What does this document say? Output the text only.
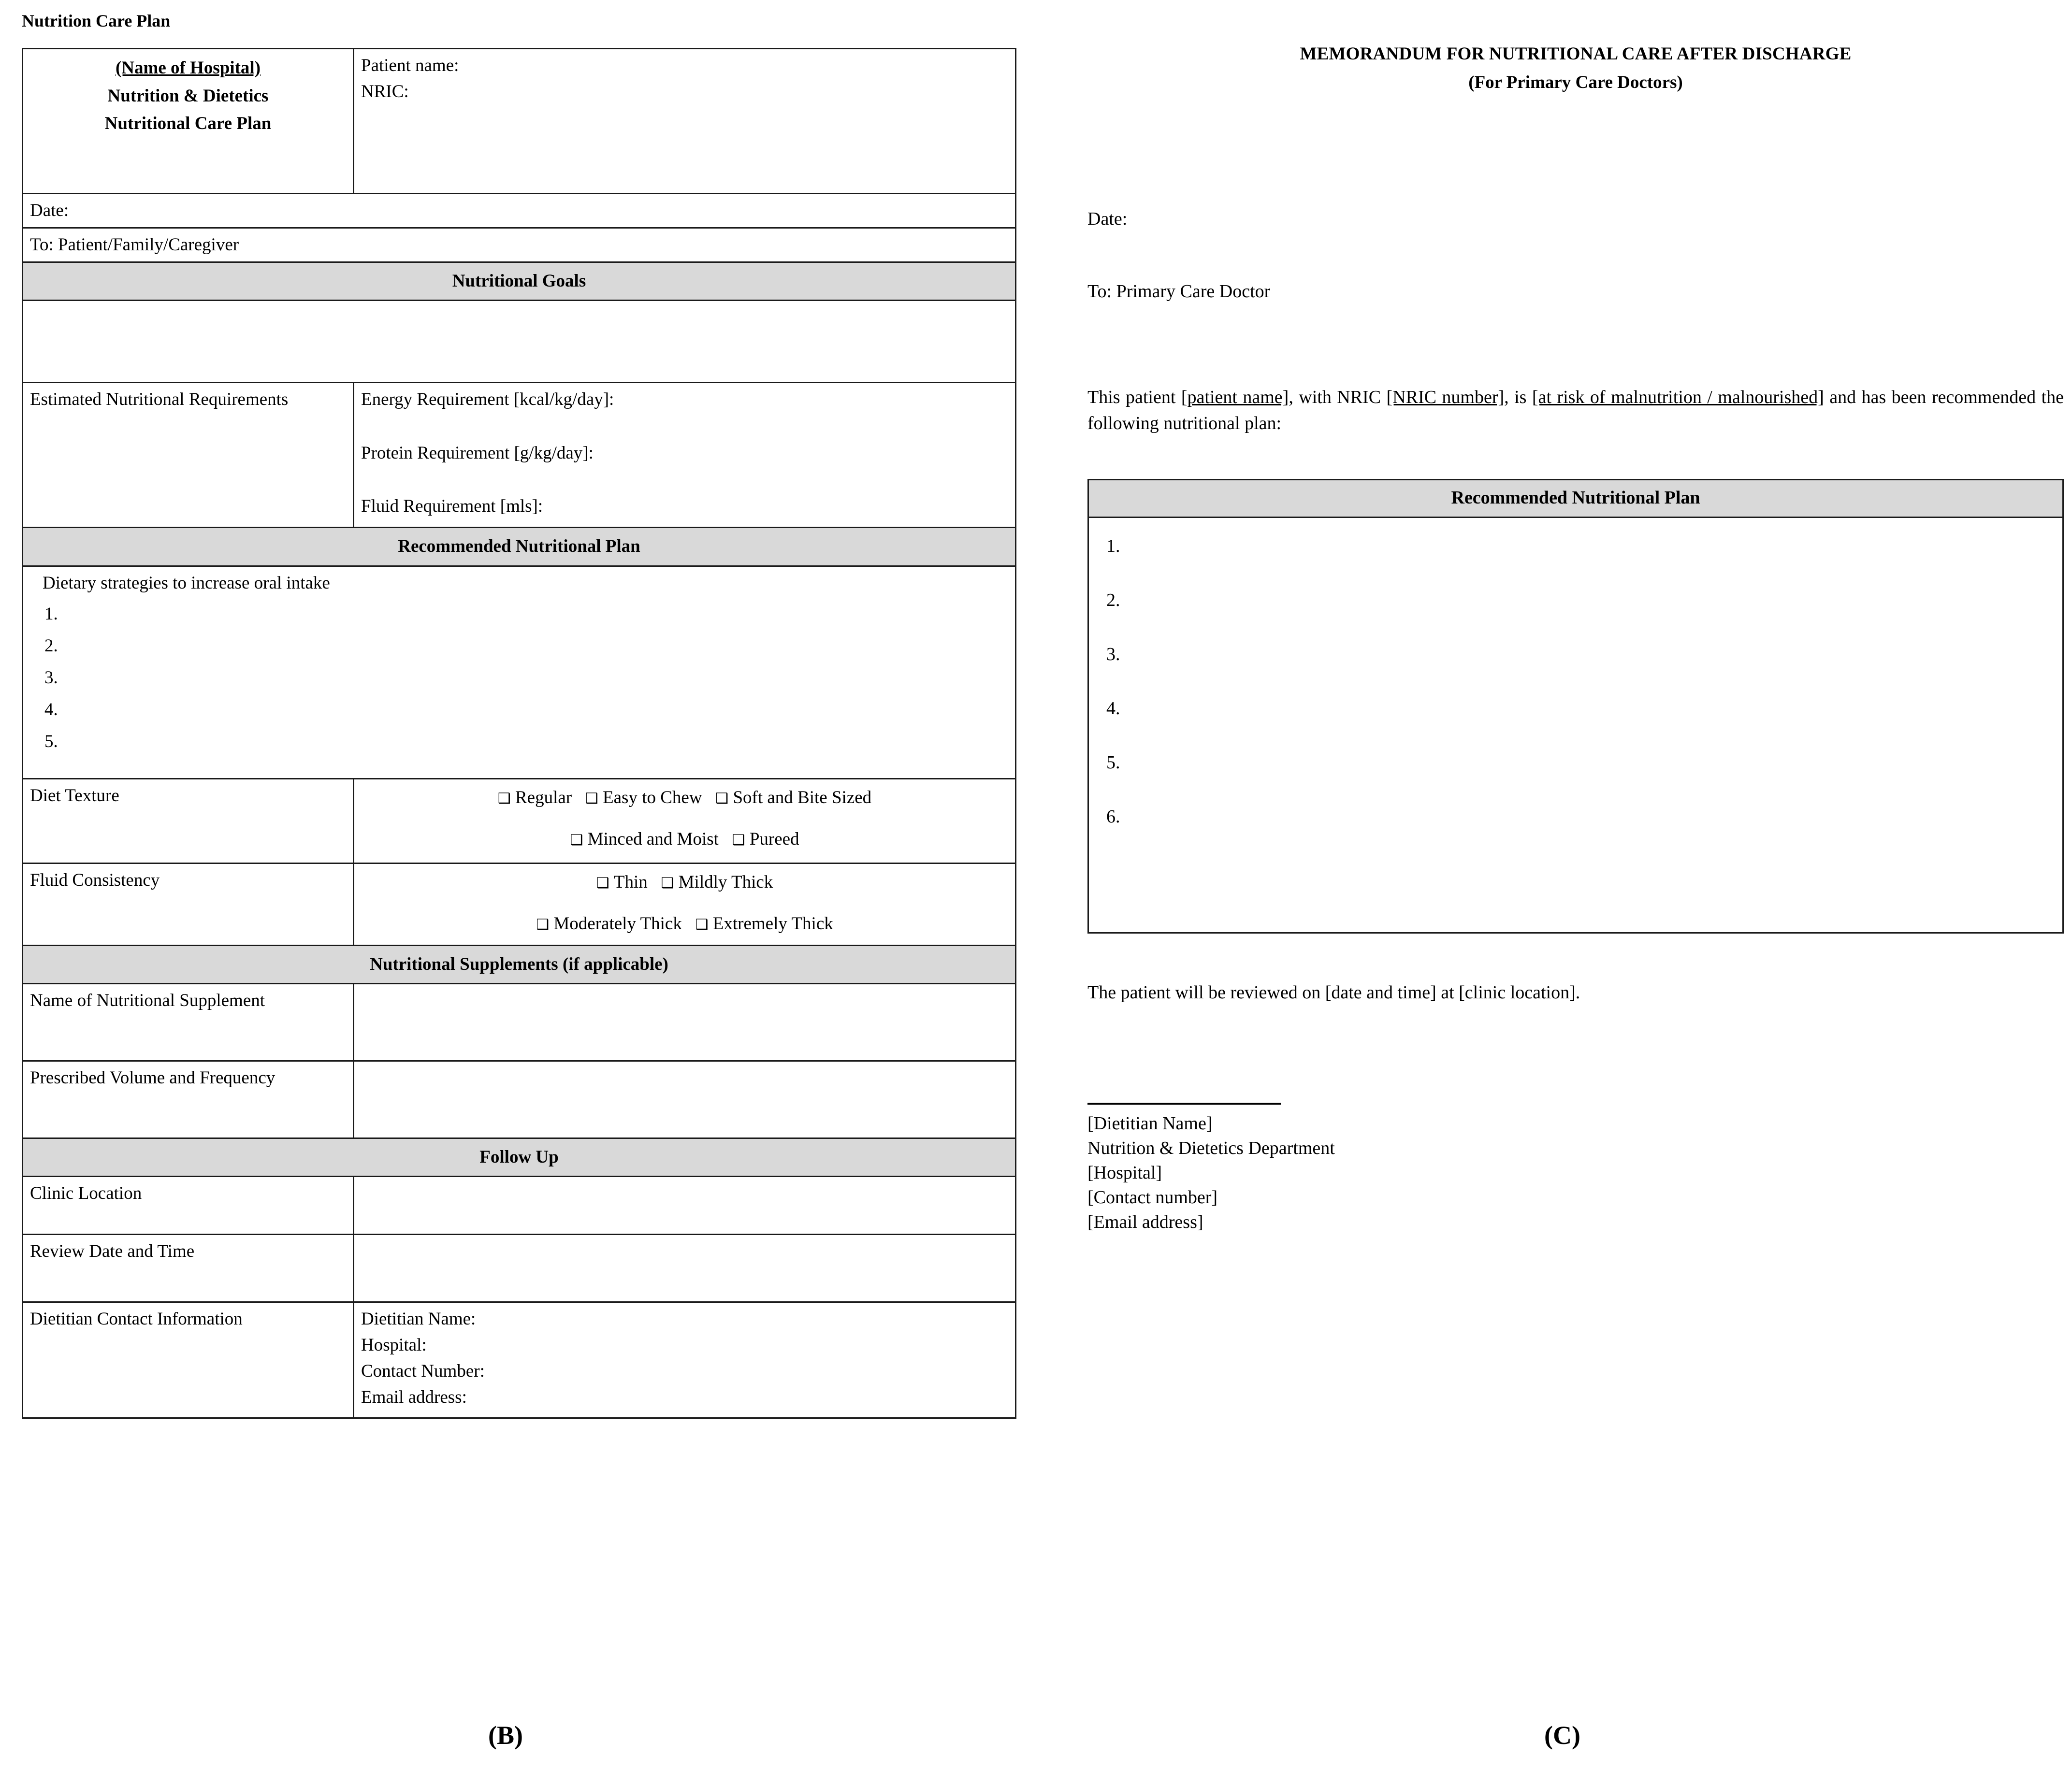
Nutrition Care Plan
(Name of Hospital)
Nutrition & Dietetics
Nutritional Care Plan

Patient name:
NRIC:

Date:	
To: Patient/Family/Caregiver	
Nutritional Goals	

Estimated Nutritional Requirements	Energy Requirement [kcal/kg/day]:
Protein Requirement [g/kg/day]:
Fluid Requirement [mls]:

Recommended Nutritional Plan	

Dietary strategies to increase oral intake
1.
2.
3.
4.
5.

Diet Texture	❑ Regular ❑ Easy to Chew ❑ Soft and Bite Sized
❑ Minced and Moist ❑ Pureed

Fluid Consistency	❑ Thin ❑ Mildly Thick
❑ Moderately Thick ❑ Extremely Thick

Nutritional Supplements (if applicable)	
Name of Nutritional Supplement	
Prescribed Volume and Frequency	
Follow Up	
Clinic Location	
Review Date and Time	
Dietitian Contact Information	Dietitian Name:
Hospital:
Contact Number:
Email address:
MEMORANDUM FOR NUTRITIONAL CARE AFTER DISCHARGE
(For Primary Care Doctors)
Date:
To: Primary Care Doctor
This patient [patient name], with NRIC [NRIC number], is [at risk of malnutrition / malnourished] and has been recommended the following nutritional plan:
Recommended Nutritional Plan

1.
2.
3.
4.
5.
6.
The patient will be reviewed on [date and time] at [clinic location].
[Dietitian Name]
Nutrition & Dietetics Department
[Hospital]
[Contact number]
[Email address]
(B)	(C)
